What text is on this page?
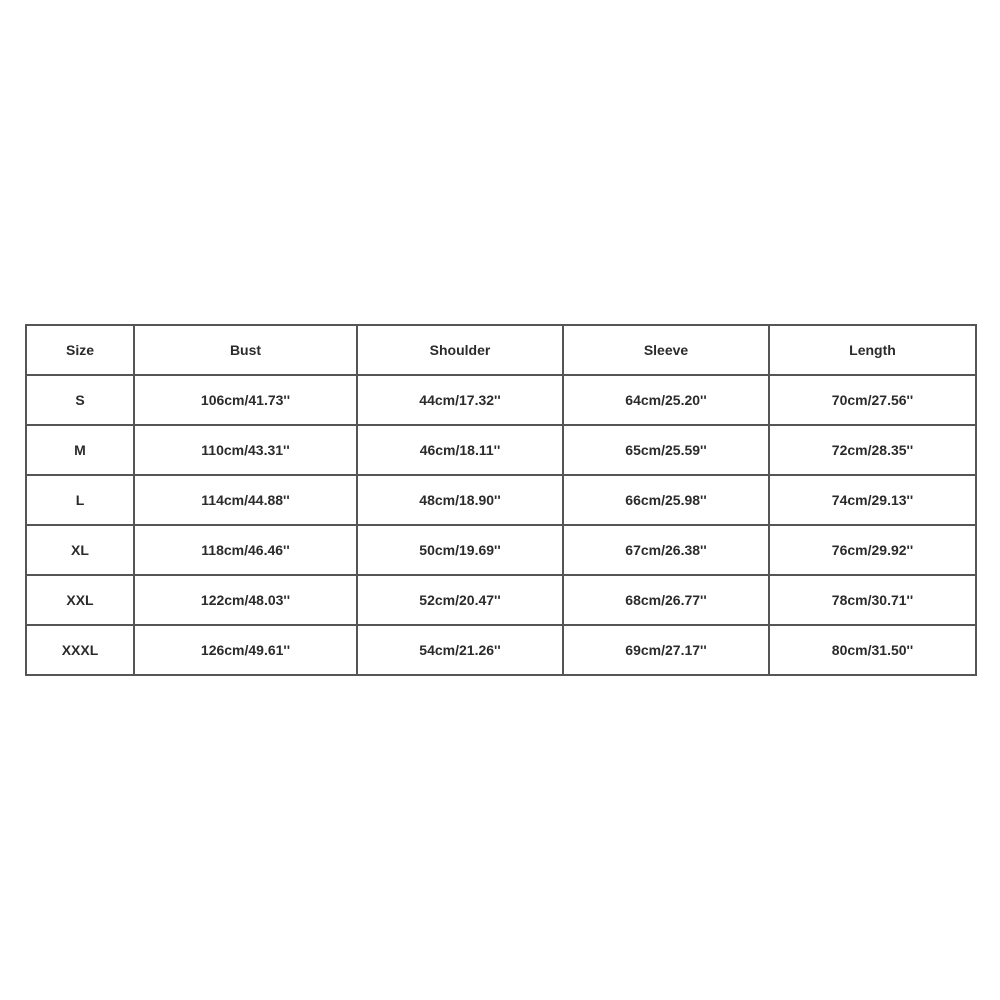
Size	Bust	Shoulder	Sleeve	Length
S	106cm/41.73''	44cm/17.32''	64cm/25.20''	70cm/27.56''
M	110cm/43.31''	46cm/18.11''	65cm/25.59''	72cm/28.35''
L	114cm/44.88''	48cm/18.90''	66cm/25.98''	74cm/29.13''
XL	118cm/46.46''	50cm/19.69''	67cm/26.38''	76cm/29.92''
XXL	122cm/48.03''	52cm/20.47''	68cm/26.77''	78cm/30.71''
XXXL	126cm/49.61''	54cm/21.26''	69cm/27.17''	80cm/31.50''
